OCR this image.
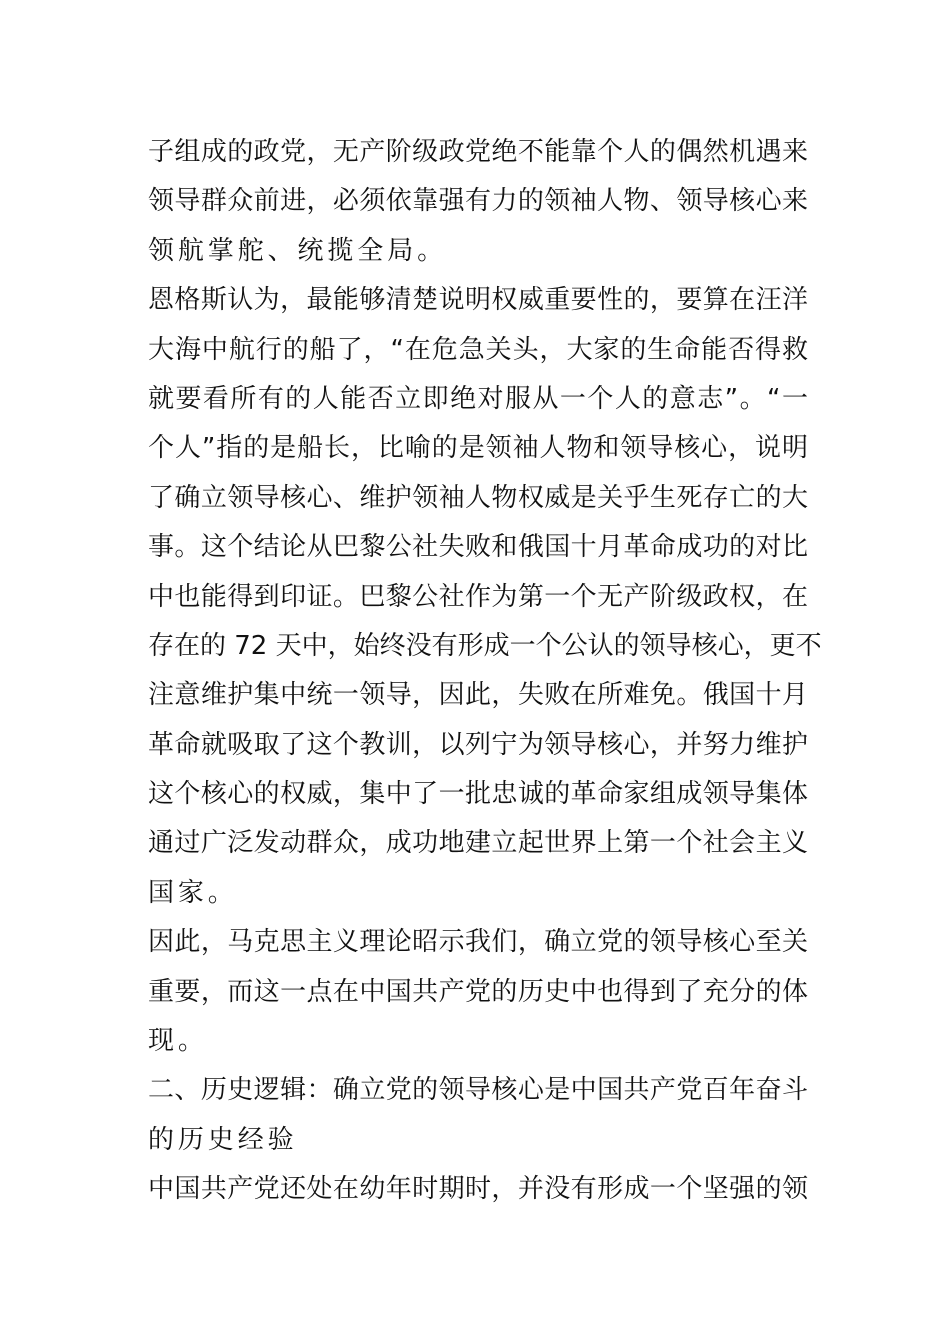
子组成的政党，无产阶级政党绝不能靠个人的偶然机遇来
领导群众前进，必须依靠强有力的领袖人物、领导核心来
领航掌舵、统揽全局。
恩格斯认为，最能够清楚说明权威重要性的，要算在汪洋
大海中航行的船了，“在危急关头，大家的生命能否得救
就要看所有的人能否立即绝对服从一个人的意志”。“一
个人”指的是船长，比喻的是领袖人物和领导核心，说明
了确立领导核心、维护领袖人物权威是关乎生死存亡的大
事。这个结论从巴黎公社失败和俄国十月革命成功的对比
中也能得到印证。巴黎公社作为第一个无产阶级政权，在
存在的 72 天中，始终没有形成一个公认的领导核心，更不
注意维护集中统一领导，因此，失败在所难免。俄国十月
革命就吸取了这个教训，以列宁为领导核心，并努力维护
这个核心的权威，集中了一批忠诚的革命家组成领导集体
通过广泛发动群众，成功地建立起世界上第一个社会主义
国家。
因此，马克思主义理论昭示我们，确立党的领导核心至关
重要，而这一点在中国共产党的历史中也得到了充分的体
现。
二、历史逻辑：确立党的领导核心是中国共产党百年奋斗
的历史经验
中国共产党还处在幼年时期时，并没有形成一个坚强的领
